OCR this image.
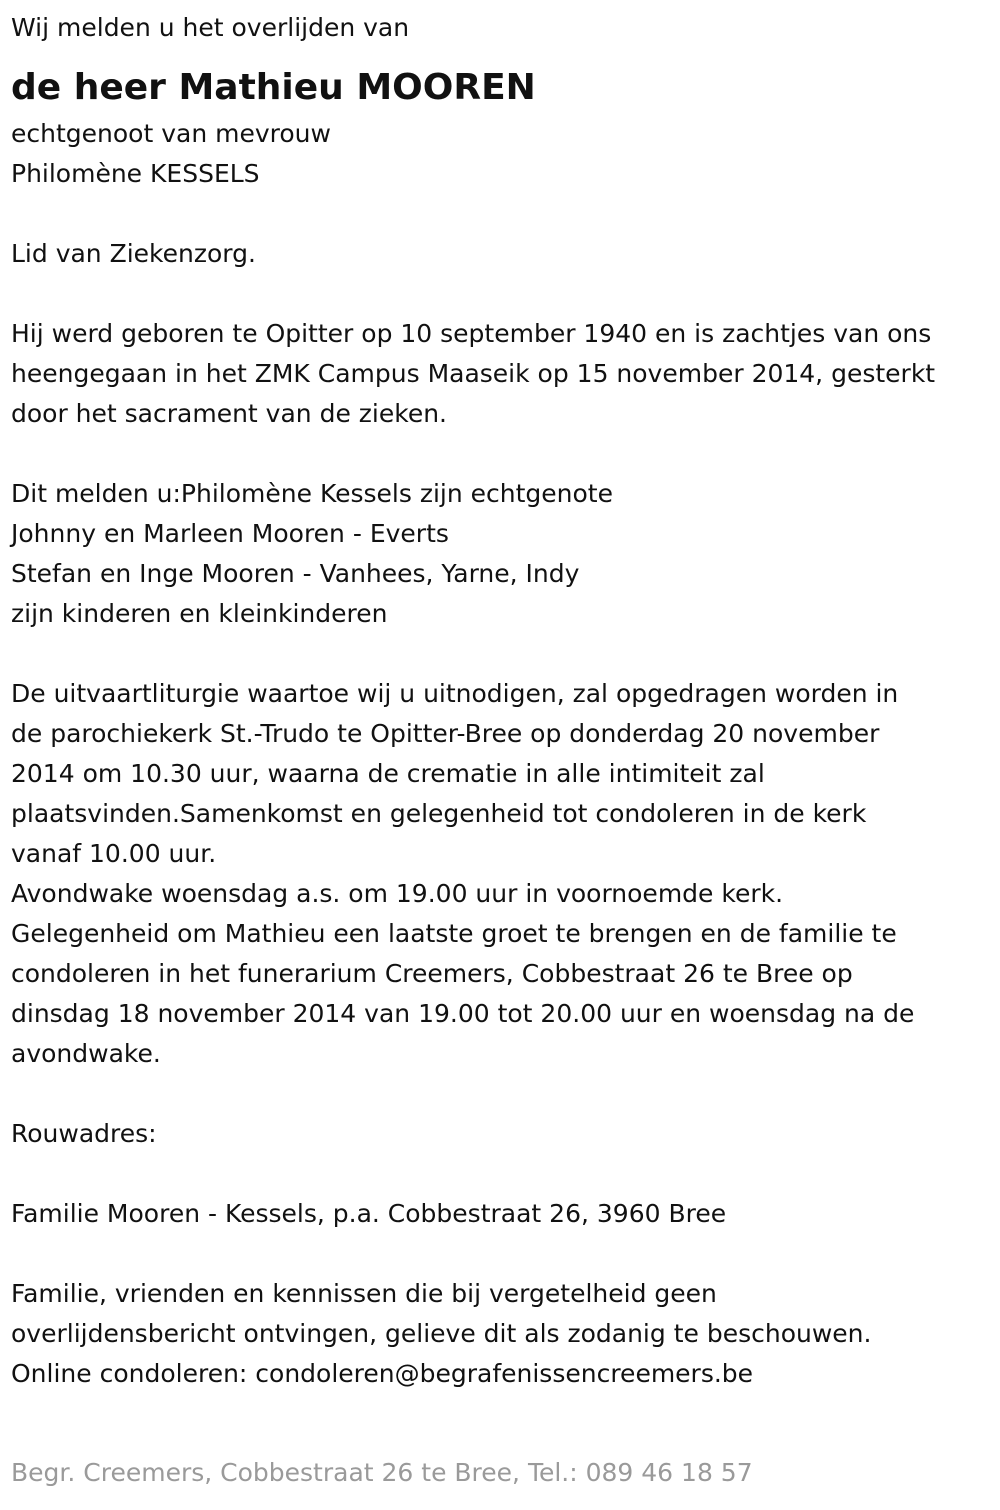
Wij melden u het overlijden van
de heer Mathieu MOOREN
echtgenoot van mevrouw
Philomène KESSELS
Lid van Ziekenzorg.
Hij werd geboren te Opitter op 10 september 1940 en is zachtjes van ons
heengegaan in het ZMK Campus Maaseik op 15 november 2014, gesterkt
door het sacrament van de zieken.
Dit melden u:Philomène Kessels zijn echtgenote
Johnny en Marleen Mooren - Everts
Stefan en Inge Mooren - Vanhees, Yarne, Indy
zijn kinderen en kleinkinderen
De uitvaartliturgie waartoe wij u uitnodigen, zal opgedragen worden in
de parochiekerk St.-Trudo te Opitter-Bree op donderdag 20 november
2014 om 10.30 uur, waarna de crematie in alle intimiteit zal
plaatsvinden.Samenkomst en gelegenheid tot condoleren in de kerk
vanaf 10.00 uur.
Avondwake woensdag a.s. om 19.00 uur in voornoemde kerk.
Gelegenheid om Mathieu een laatste groet te brengen en de familie te
condoleren in het funerarium Creemers, Cobbestraat 26 te Bree op
dinsdag 18 november 2014 van 19.00 tot 20.00 uur en woensdag na de
avondwake.
Rouwadres:
Familie Mooren - Kessels, p.a. Cobbestraat 26, 3960 Bree
Familie, vrienden en kennissen die bij vergetelheid geen
overlijdensbericht ontvingen, gelieve dit als zodanig te beschouwen.
Online condoleren: condoleren@begrafenissencreemers.be
Begr. Creemers, Cobbestraat 26 te Bree, Tel.: 089 46 18 57
